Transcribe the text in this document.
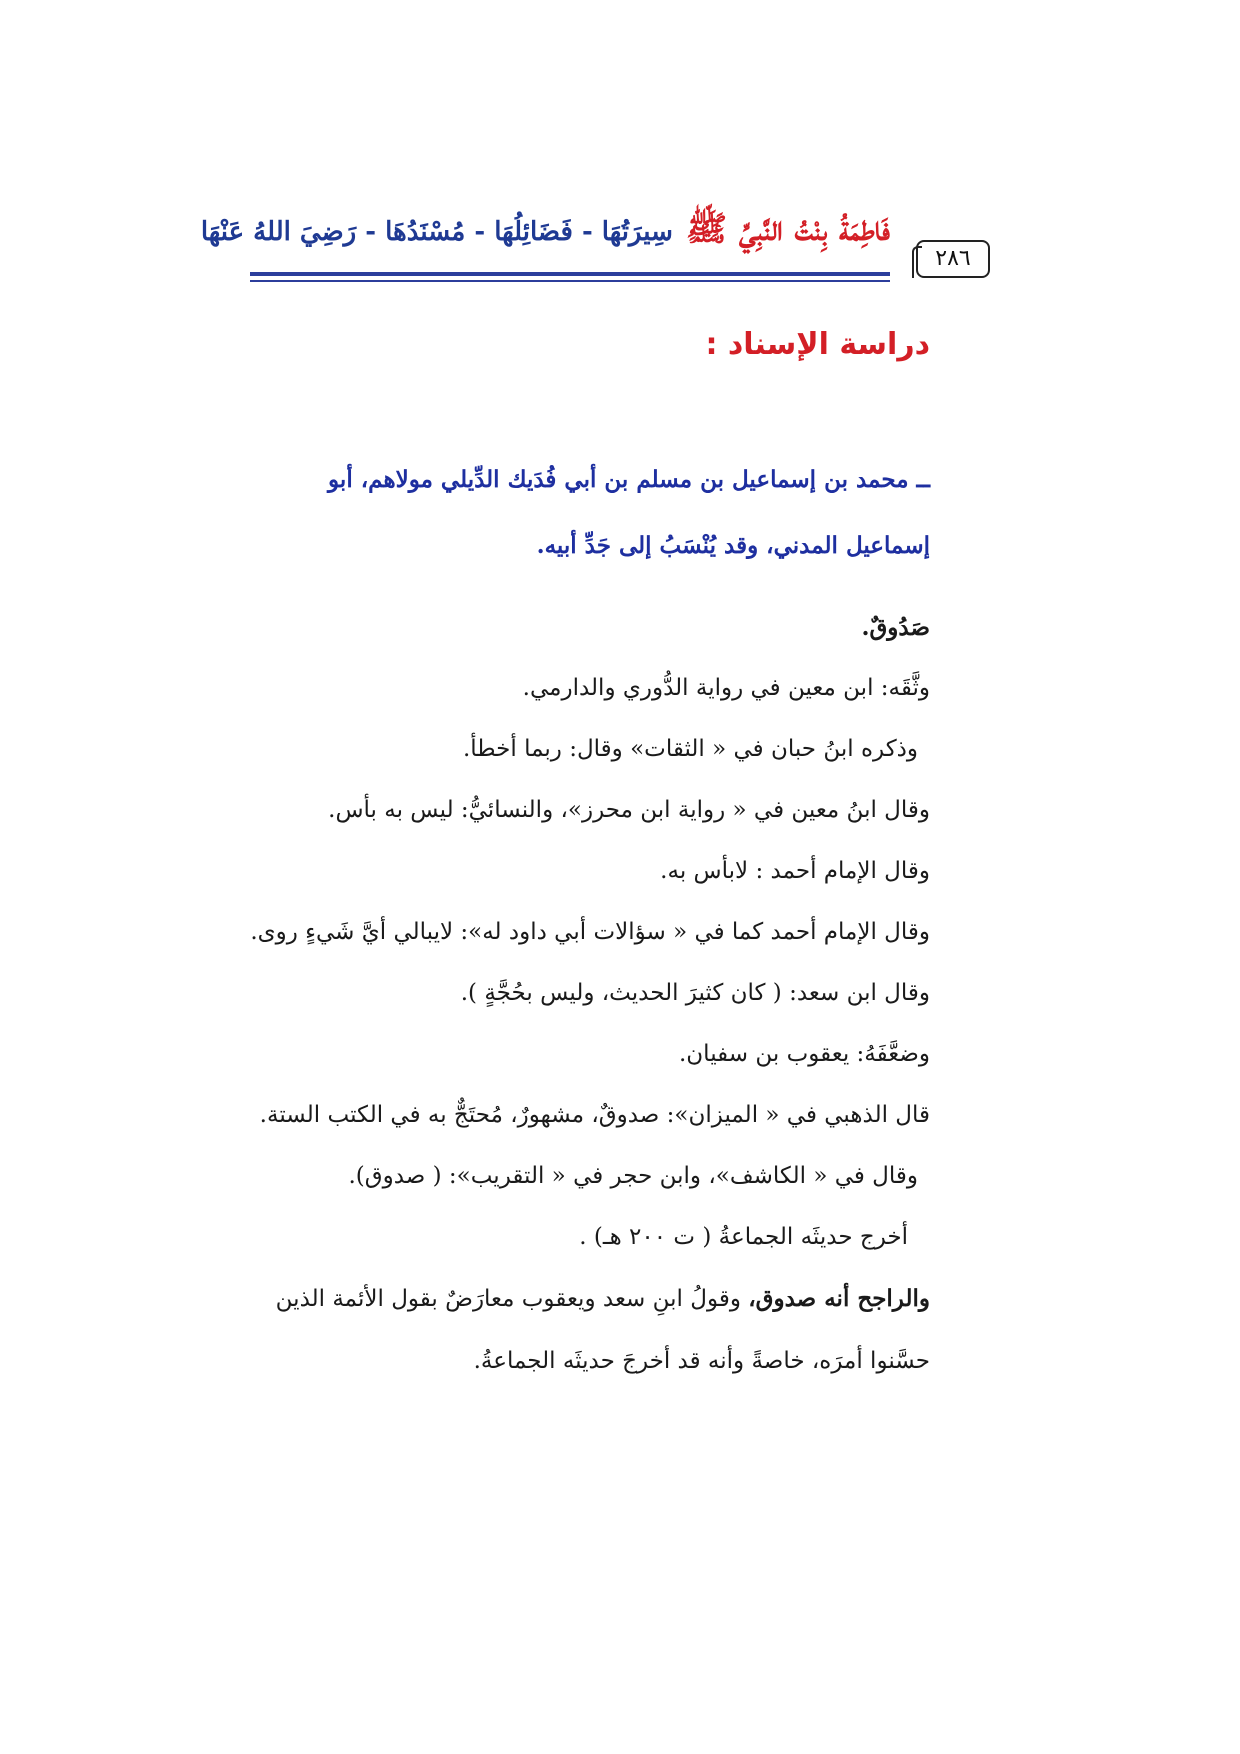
٢٨٦
فَاطِمَةُ بِنْتُ النَّبِيِّ ﷺ سِيرَتُهَا - فَضَائِلُهَا - مُسْنَدُهَا - رَضِيَ اللهُ عَنْهَا
دراسة الإسناد :
ــ محمد بن إسماعيل بن مسلم بن أبي فُدَيك الدِّيلي مولاهم، أبو إسماعيل المدني، وقد يُنْسَبُ إلى جَدِّ أبيه.
صَدُوقٌ.
وثَّقَه: ابن معين في رواية الدُّوري والدارمي.
وذكره ابنُ حبان في « الثقات» وقال: ربما أخطأ.
وقال ابنُ معين في « رواية ابن محرز»، والنسائيُّ: ليس به بأس.
وقال الإمام أحمد : لابأس به.
وقال الإمام أحمد كما في « سؤالات أبي داود له»: لايبالي أيَّ شَيءٍ روى.
وقال ابن سعد: ( كان كثيرَ الحديث، وليس بحُجَّةٍ ).
وضعَّفَهُ: يعقوب بن سفيان.
قال الذهبي في « الميزان»: صدوقٌ، مشهورٌ، مُحتَجٌّ به في الكتب الستة.
وقال في « الكاشف»، وابن حجر في « التقريب»: ( صدوق).
أخرج حديثَه الجماعةُ ( ت ٢٠٠ هـ) .
والراجح أنه صدوق، وقولُ ابنِ سعد ويعقوب معارَضٌ بقول الأئمة الذين حسَّنوا أمرَه، خاصةً وأنه قد أخرجَ حديثَه الجماعةُ.
